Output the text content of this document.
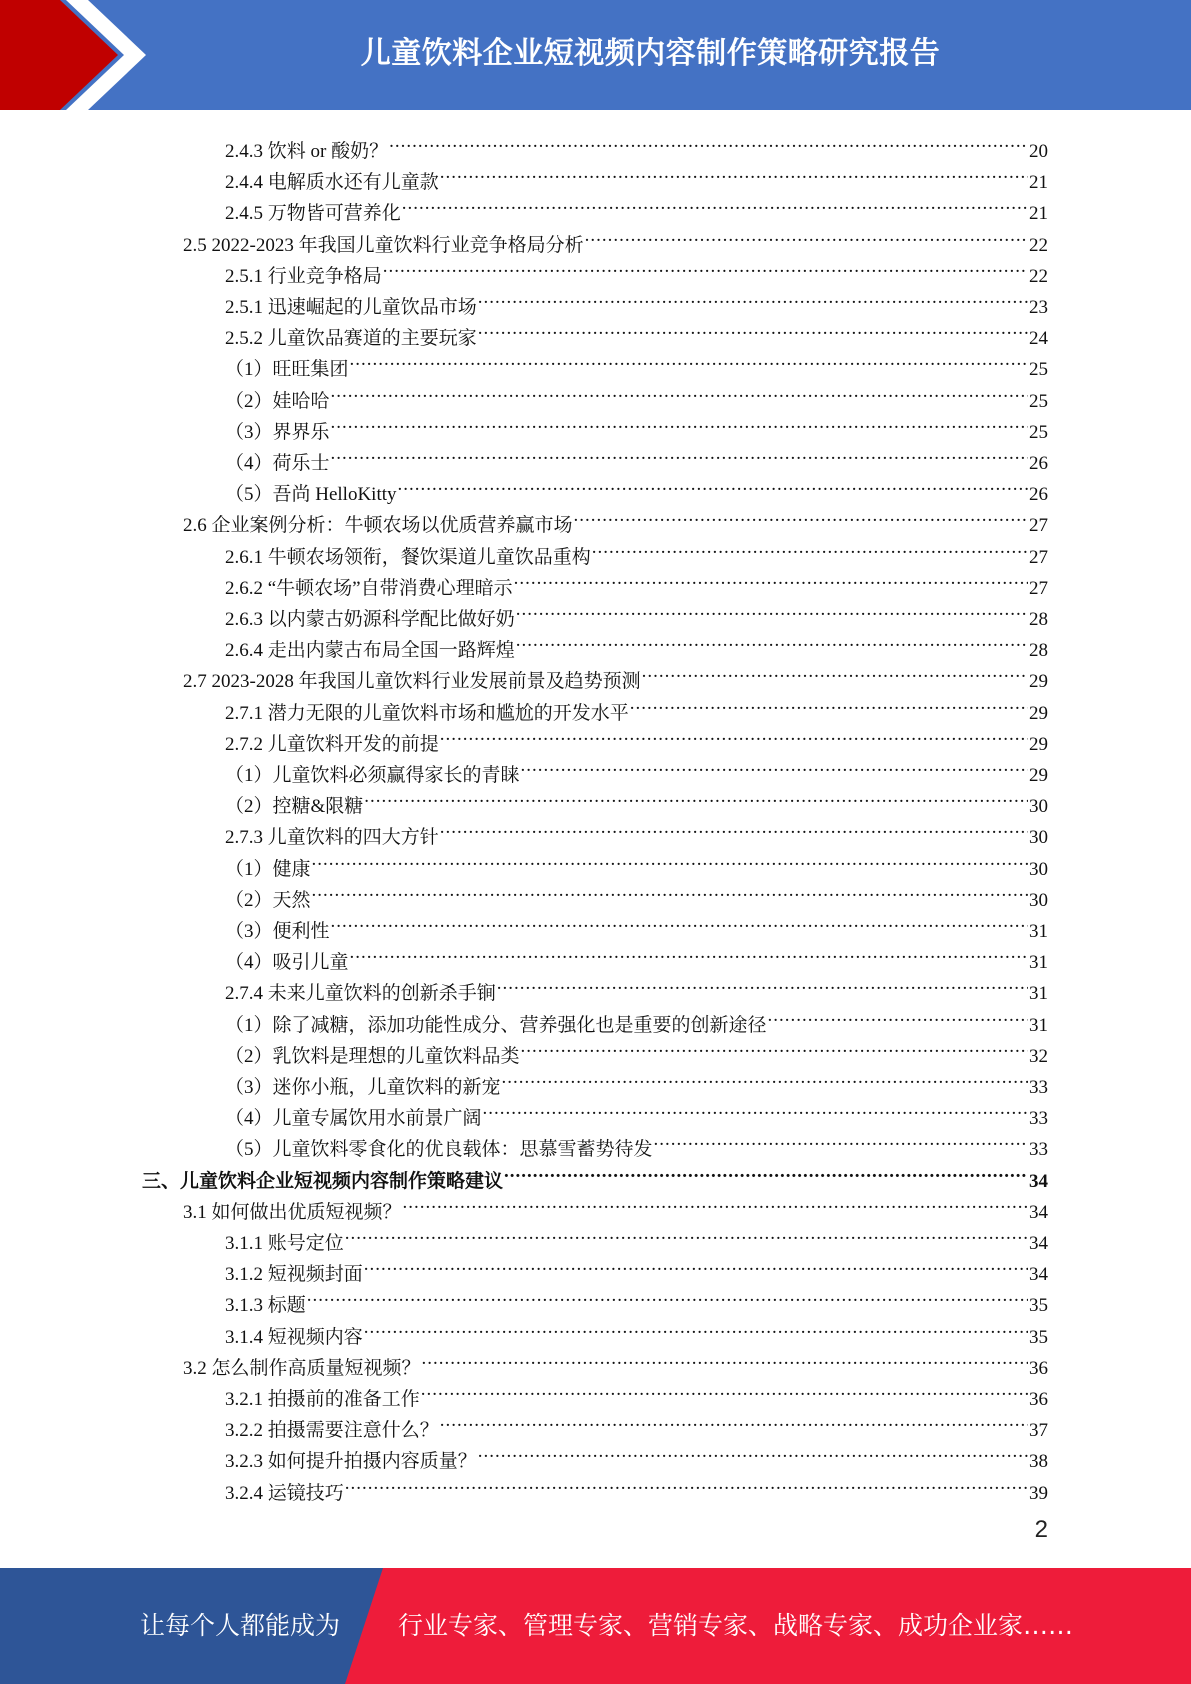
儿童饮料企业短视频内容制作策略研究报告
2.4.3 饮料 or 酸奶？ .....	20
2.4.4 电解质水还有儿童款 .....	21
2.4.5 万物皆可营养化 .....	21
2.5 2022-2023 年我国儿童饮料行业竞争格局分析 .....	22
2.5.1 行业竞争格局 .....	22
2.5.1 迅速崛起的儿童饮品市场 .....	23
2.5.2 儿童饮品赛道的主要玩家 .....	24
（1）旺旺集团 .....	25
（2）娃哈哈 .....	25
（3）界界乐 .....	25
（4）荷乐士 .....	26
（5）吾尚 HelloKitty .....	26
2.6 企业案例分析：牛顿农场以优质营养赢市场 .....	27
2.6.1 牛顿农场领衔，餐饮渠道儿童饮品重构 .....	27
2.6.2 “牛顿农场”自带消费心理暗示 .....	27
2.6.3 以内蒙古奶源科学配比做好奶 .....	28
2.6.4 走出内蒙古布局全国一路辉煌 .....	28
2.7 2023-2028 年我国儿童饮料行业发展前景及趋势预测 .....	29
2.7.1 潜力无限的儿童饮料市场和尴尬的开发水平 .....	29
2.7.2 儿童饮料开发的前提 .....	29
（1）儿童饮料必须赢得家长的青睐 .....	29
（2）控糖&限糖 .....	30
2.7.3 儿童饮料的四大方针 .....	30
（1）健康 .....	30
（2）天然 .....	30
（3）便利性 .....	31
（4）吸引儿童 .....	31
2.7.4 未来儿童饮料的创新杀手锏 .....	31
（1）除了减糖，添加功能性成分、营养强化也是重要的创新途径 .....	31
（2）乳饮料是理想的儿童饮料品类 .....	32
（3）迷你小瓶，儿童饮料的新宠 .....	33
（4）儿童专属饮用水前景广阔 .....	33
（5）儿童饮料零食化的优良载体：思慕雪蓄势待发 .....	33
三、儿童饮料企业短视频内容制作策略建议 .....	34
3.1 如何做出优质短视频？ .....	34
3.1.1 账号定位 .....	34
3.1.2 短视频封面 .....	34
3.1.3 标题 .....	35
3.1.4 短视频内容 .....	35
3.2 怎么制作高质量短视频？ .....	36
3.2.1 拍摄前的准备工作 .....	36
3.2.2 拍摄需要注意什么？ .....	37
3.2.3 如何提升拍摄内容质量？ .....	38
3.2.4 运镜技巧 .....	39
2
让每个人都能成为 行业专家、管理专家、营销专家、战略专家、成功企业家……
